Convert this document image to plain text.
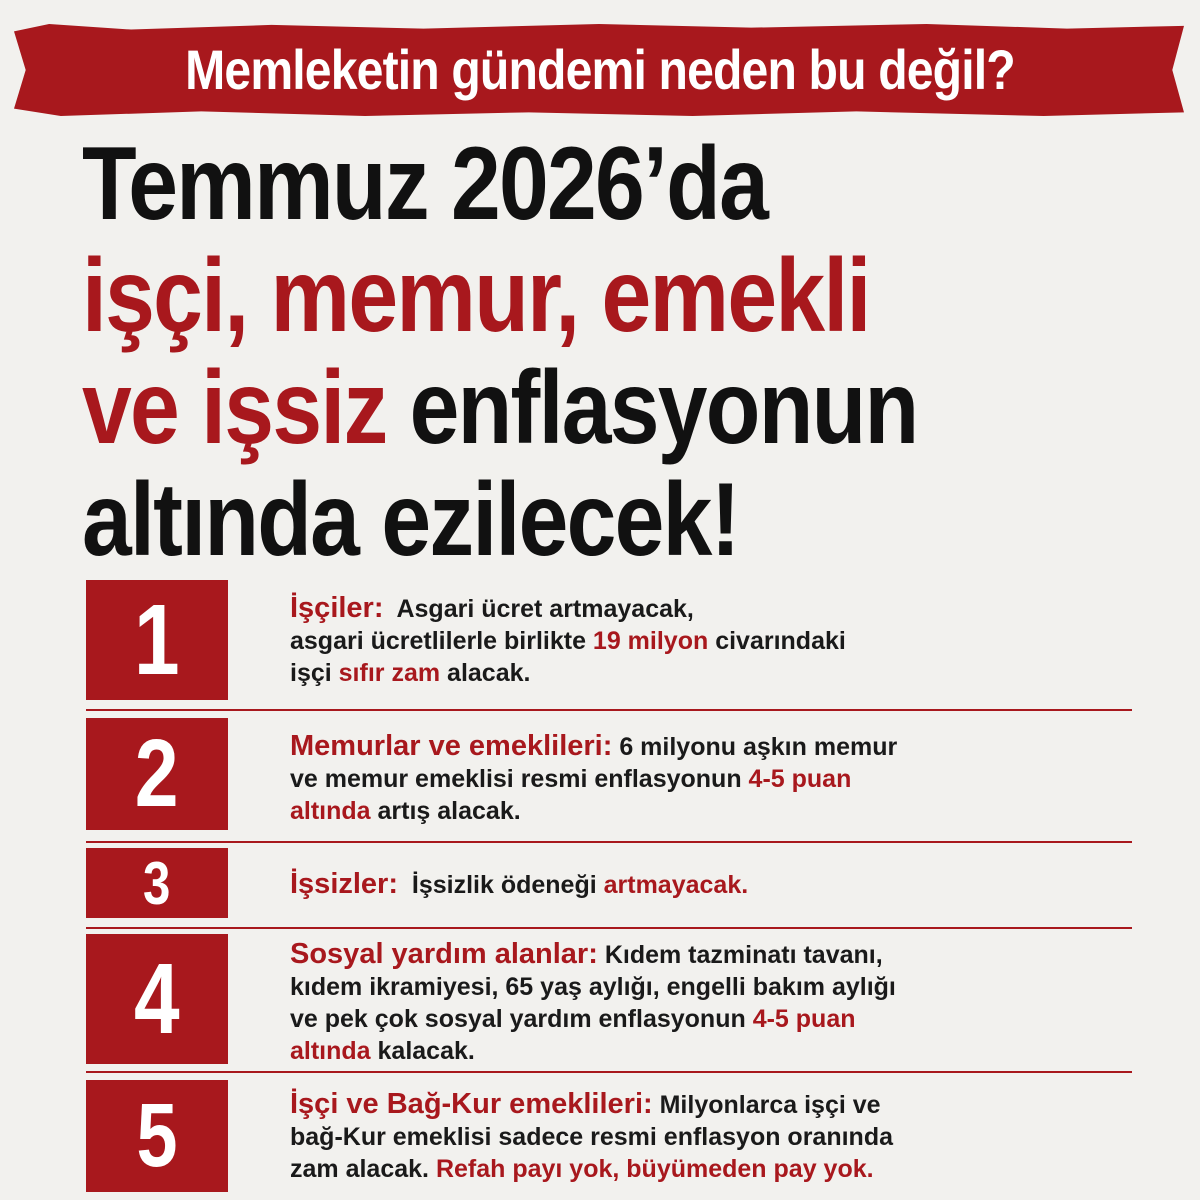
Memleketin gündemi neden bu değil?
Temmuz 2026’da
işçi, memur, emekli
ve işsiz enflasyonun
altında ezilecek!
1	İşçiler:  Asgari ücret artmayacak,
asgari ücretlilerle birlikte 19 milyon civarındaki
işçi sıfır zam alacak.
2	Memurlar ve emeklileri: 6 milyonu aşkın memur
ve memur emeklisi resmi enflasyonun 4-5 puan
altında artış alacak.
3	İşsizler:  İşsizlik ödeneği artmayacak.
4	Sosyal yardım alanlar: Kıdem tazminatı tavanı,
kıdem ikramiyesi, 65 yaş aylığı, engelli bakım aylığı
ve pek çok sosyal yardım enflasyonun 4-5 puan
altında kalacak.
5	İşçi ve Bağ-Kur emeklileri: Milyonlarca işçi ve
bağ-Kur emeklisi sadece resmi enflasyon oranında
zam alacak. Refah payı yok, büyümeden pay yok.
